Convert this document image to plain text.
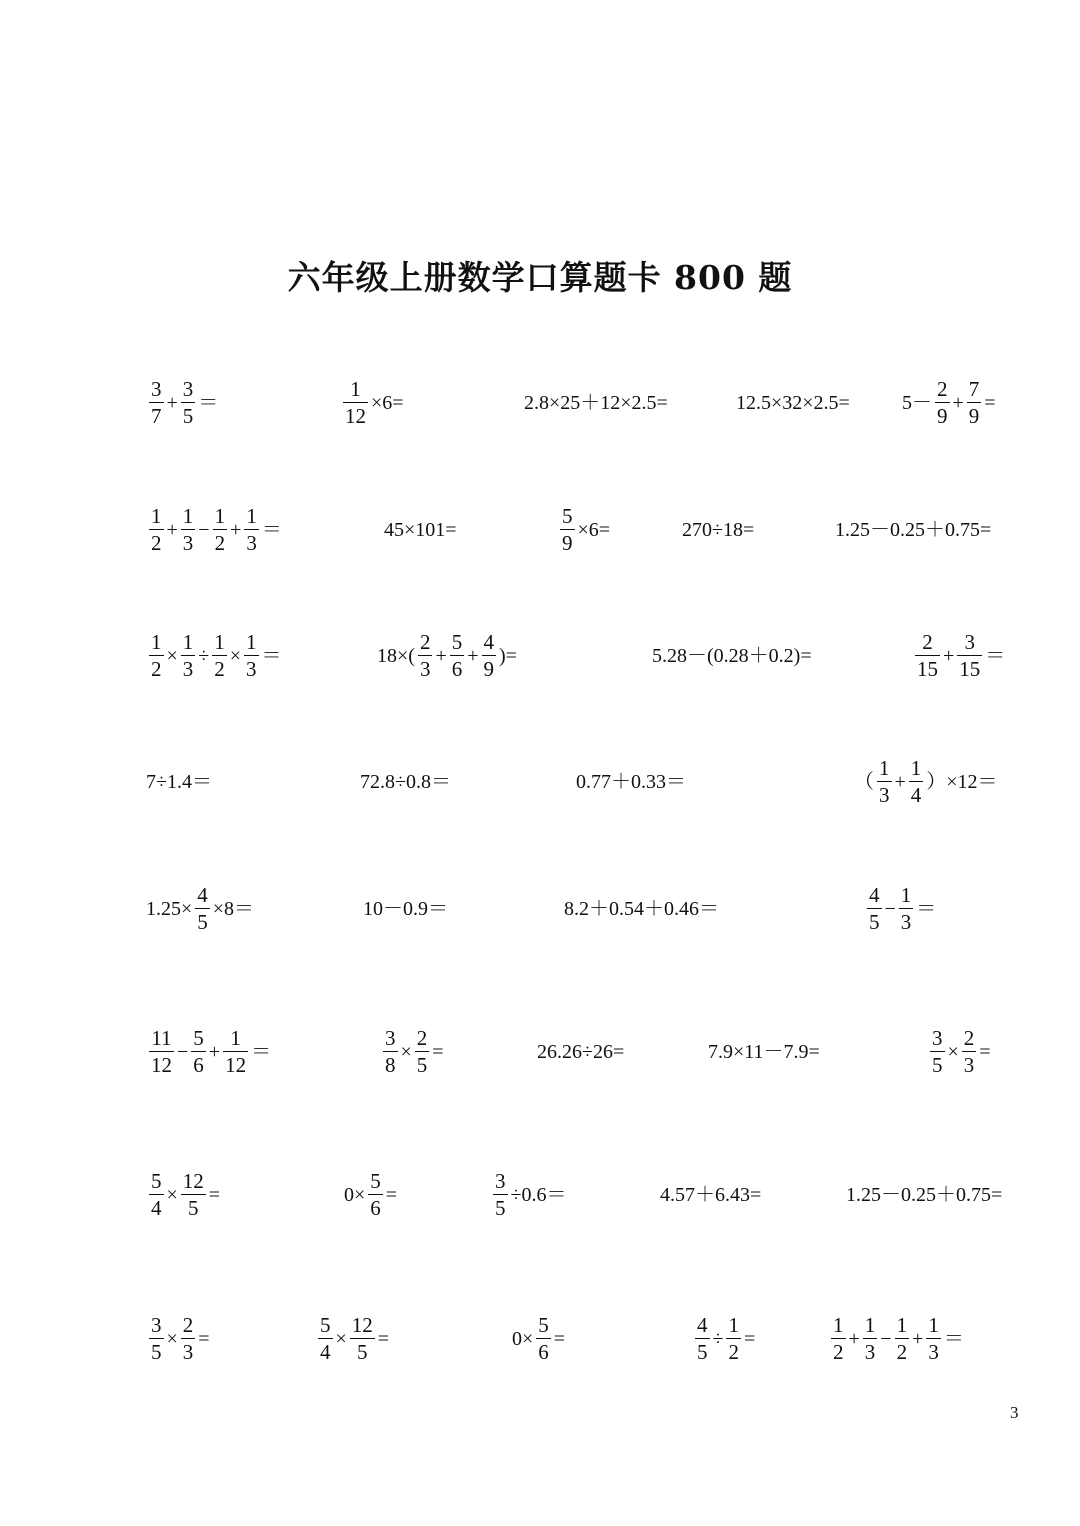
六年级上册数学口算题卡 800 题
$\frac{3}{7} + \frac{3}{5}$ ＝	$\frac{1}{12} \times 6=$	2.8×25＋12×2.5=	12.5×32×2.5=	$5- \frac{2}{9} + \frac{7}{9}$ =
$\frac{1}{2} + \frac{1}{3} - \frac{1}{2} + \frac{1}{3}$ ＝	45×101=	$\frac{5}{9} \times 6=$	270÷18=	1.25－0.25＋0.75=
$\frac{1}{2} \times \frac{1}{3} \div \frac{1}{2} \times \frac{1}{3}$ ＝	$18\times( \frac{2}{3} + \frac{5}{6} + \frac{4}{9}$ )=	5.28－(0.28＋0.2)=	$\frac{2}{15} + \frac{3}{15}$ ＝
7÷1.4＝	72.8÷0.8＝	0.77＋0.33＝	（ $\frac{1}{3} + \frac{1}{4} )\times 12=$
$1.25\times \frac{4}{5} \times 8=$	10－0.9＝	8.2＋0.54＋0.46＝	$\frac{4}{5} - \frac{1}{3}$ ＝
$\frac{11}{12} - \frac{5}{6} + \frac{1}{12}$ ＝	$\frac{3}{8} \times \frac{2}{5}$ =	26.26÷26=	7.9×11－7.9=	$\frac{3}{5} \times \frac{2}{3}$ =
$\frac{5}{4} \times \frac{12}{5}$ =	$0\times \frac{5}{6}$ =	$\frac{3}{5} \div 0.6=$	4.57＋6.43=	1.25－0.25＋0.75=
$\frac{3}{5} \times \frac{2}{3}$ =	$\frac{5}{4} \times \frac{12}{5}$ =	$0\times \frac{5}{6}$ =	$\frac{4}{5} \div \frac{1}{2}$ =	$\frac{1}{2} + \frac{1}{3} - \frac{1}{2} + \frac{1}{3}$ ＝
3
